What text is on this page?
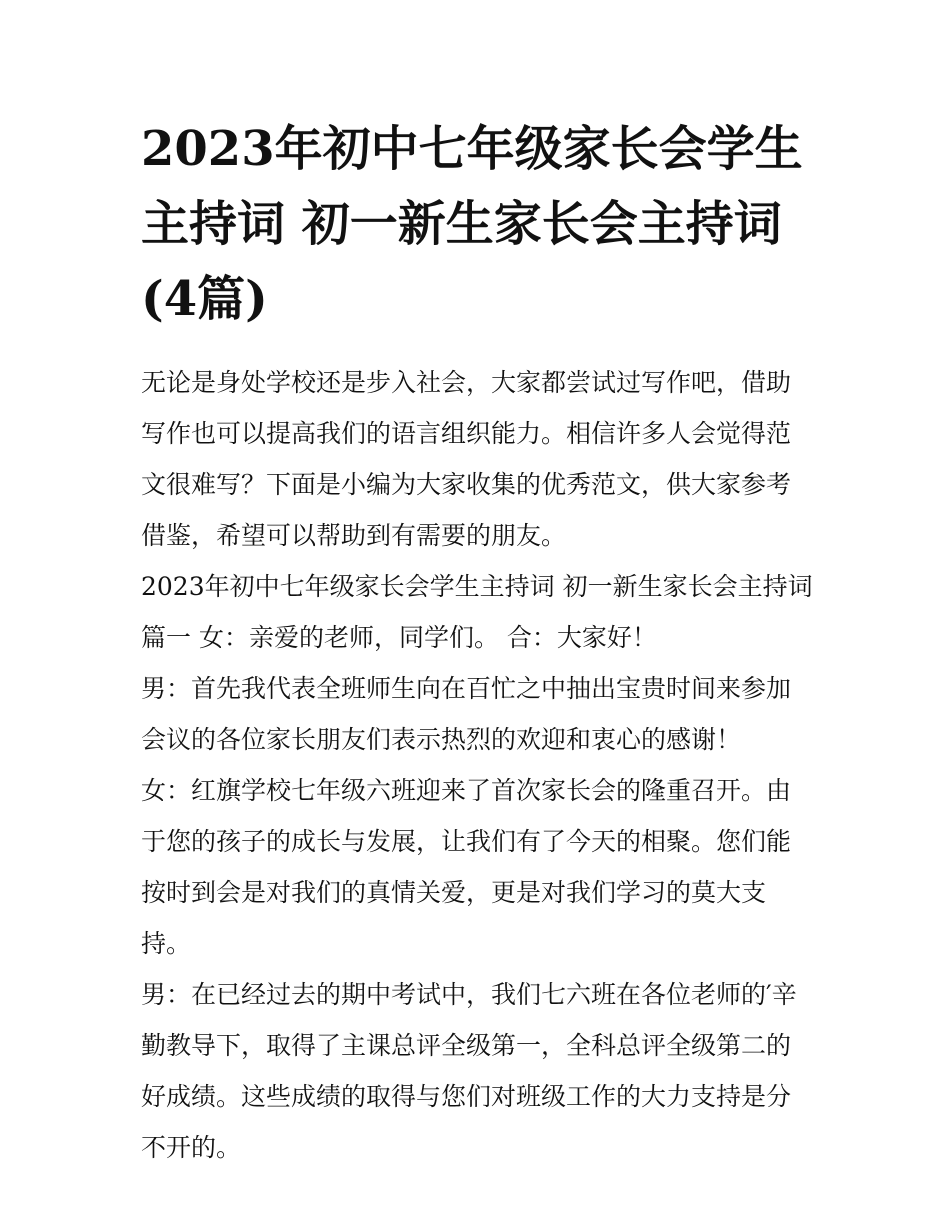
2023年初中七年级家长会学生主持词 初一新生家长会主持词(4篇)

无论是身处学校还是步入社会，大家都尝试过写作吧，借助写作也可以提高我们的语言组织能力。相信许多人会觉得范文很难写？下面是小编为大家收集的优秀范文，供大家参考借鉴，希望可以帮助到有需要的朋友。

2023年初中七年级家长会学生主持词 初一新生家长会主持词篇一 女：亲爱的老师，同学们。 合：大家好！

男：首先我代表全班师生向在百忙之中抽出宝贵时间来参加会议的各位家长朋友们表示热烈的欢迎和衷心的感谢！

女：红旗学校七年级六班迎来了首次家长会的隆重召开。由于您的孩子的成长与发展，让我们有了今天的相聚。您们能按时到会是对我们的真情关爱，更是对我们学习的莫大支持。

男：在已经过去的期中考试中，我们七六班在各位老师的′辛勤教导下，取得了主课总评全级第一，全科总评全级第二的好成绩。这些成绩的取得与您们对班级工作的大力支持是分不开的。
